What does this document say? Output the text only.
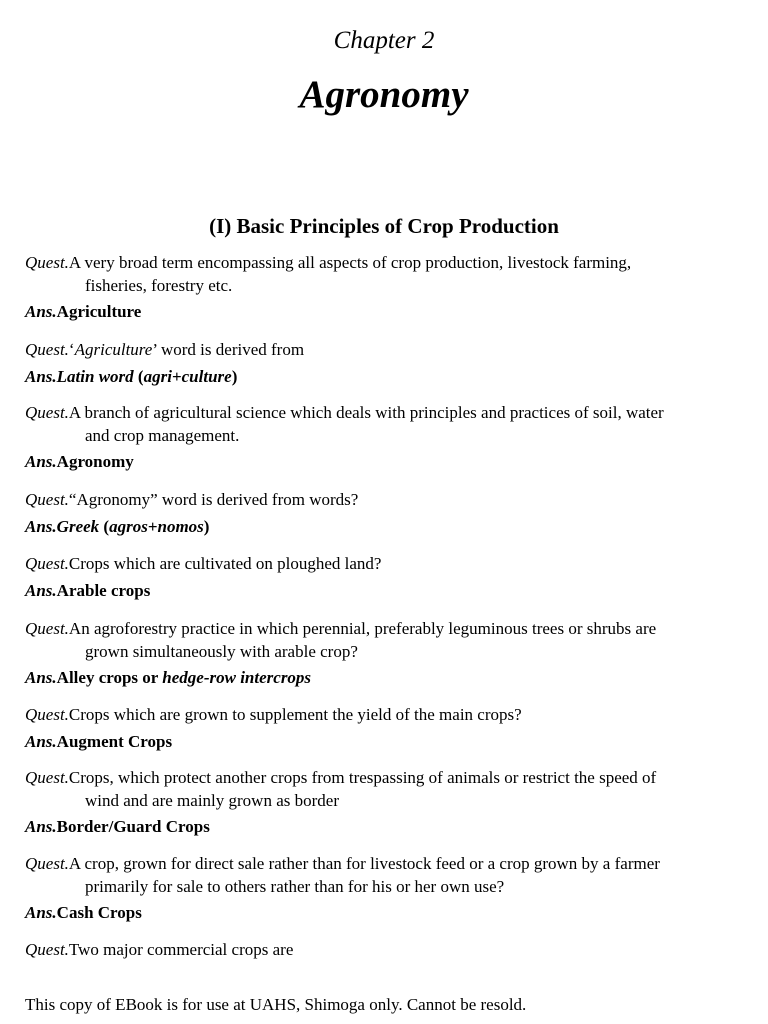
Chapter 2
Agronomy
(I) Basic Principles of Crop Production

Quest.A very broad term encompassing all aspects of crop production, livestock farming,
fisheries, forestry etc.

Ans.Agriculture

Quest.‘Agriculture’ word is derived from

Ans.Latin word (agri+culture)

Quest.A branch of agricultural science which deals with principles and practices of soil, water
and crop management.

Ans.Agronomy

Quest.“Agronomy” word is derived from words?

Ans.Greek (agros+nomos)

Quest.Crops which are cultivated on ploughed land?

Ans.Arable crops

Quest.An agroforestry practice in which perennial, preferably leguminous trees or shrubs are
grown simultaneously with arable crop?

Ans.Alley crops or hedge-row intercrops

Quest.Crops which are grown to supplement the yield of the main crops?

Ans.Augment Crops

Quest.Crops, which protect another crops from trespassing of animals or restrict the speed of
wind and are mainly grown as border

Ans.Border/Guard Crops

Quest.A crop, grown for direct sale rather than for livestock feed or a crop grown by a farmer
primarily for sale to others rather than for his or her own use?

Ans.Cash Crops

Quest.Two major commercial crops are

This copy of EBook is for use at UAHS, Shimoga only. Cannot be resold.
